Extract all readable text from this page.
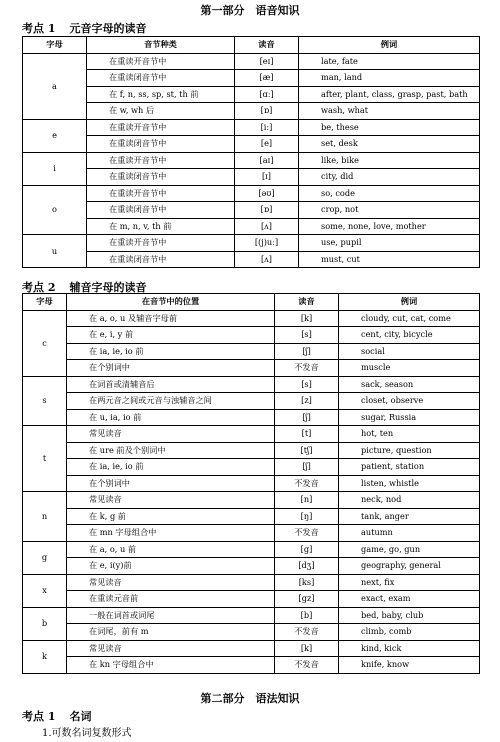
第一部分　语音知识
考点 1 元音字母的读音
字母	音节种类	读音	例词
a	在重读开音节中	[eɪ]	late, fate
	在重读闭音节中	[æ]	man, land
	在 f, n, ss, sp, st, th 前	[ɑː]	after, plant, class, grasp, past, bath
	在 w, wh 后	[ɒ]	wash, what
e	在重读开音节中	[iː]	be, these
	在重读闭音节中	[e]	set, desk
i	在重读开音节中	[aɪ]	like, bike
	在重读闭音节中	[ɪ]	city, did
o	在重读开音节中	[əʊ]	so, code
	在重读闭音节中	[ɒ]	crop, not
	在 m, n, v, th 前	[ʌ]	some, none, love, mother
u	在重读开音节中	[(j)uː]	use, pupil
	在重读闭音节中	[ʌ]	must, cut
考点 2 辅音字母的读音
字母	在音节中的位置	读音	例词
c	在 a, o, u 及辅音字母前	[k]	cloudy, cut, cat, come
	在 e, i, y 前	[s]	cent, city, bicycle
	在 ia, ie, io 前	[ʃ]	social
	在个别词中	不发音	muscle
s	在词首或清辅音后	[s]	sack, season
	在两元音之间或元音与浊辅音之间	[z]	closet, observe
	在 u, ia, io 前	[ʃ]	sugar, Russia
t	常见读音	[t]	hot, ten
	在 ure 前及个别词中	[tʃ]	picture, question
	在 ia, ie, io 前	[ʃ]	patient, station
	在个别词中	不发音	listen, whistle
n	常见读音	[n]	neck, nod
	在 k, g 前	[ŋ]	tank, anger
	在 mn 字母组合中	不发音	autumn
g	在 a, o, u 前	[g]	game, go, gun
	在 e, i(y)前	[dʒ]	geography, general
x	常见读音	[ks]	next, fix
	在重读元音前	[gz]	exact, exam
b	一般在词首或词尾	[b]	bed, baby, club
	在词尾，前有 m	不发音	climb, comb
k	常见读音	[k]	kind, kick
	在 kn 字母组合中	不发音	knife, know
第二部分　语法知识
考点 1 名词
1.可数名词复数形式
